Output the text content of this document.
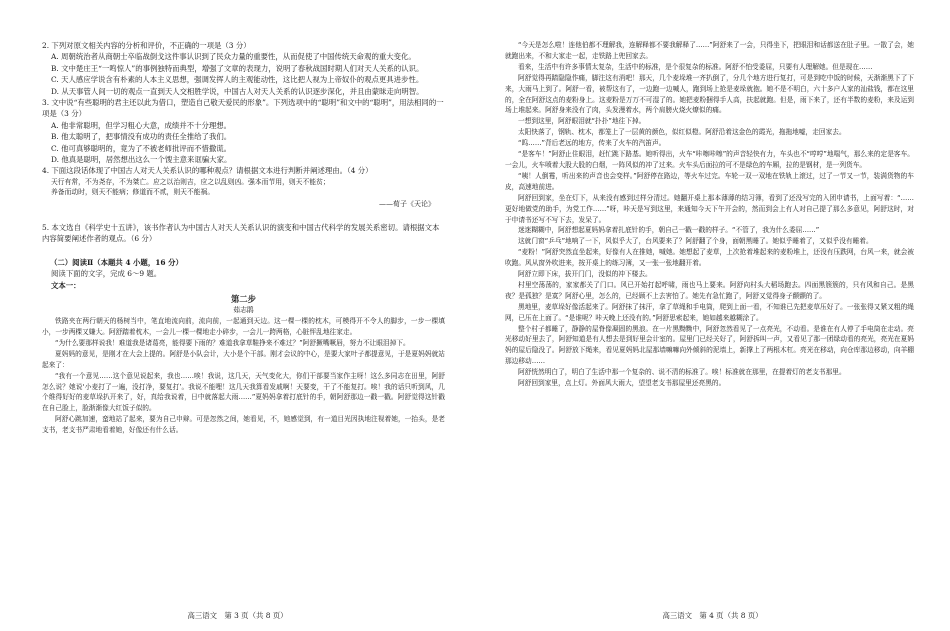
2. 下列对原文相关内容的分析和评价，不正确的一项是（3 分）

A. 周朝统治者从商朝士卒临战倒戈这件事认识到了民众力量的重要性，从而促使了中国传统天命观的重大变化。

B. 文中楚庄王“一鸣惊人”的事例独特而典型，增强了文章的表现力，说明了春秋战国时期人们对天人关系的认识。

C. 天人感应学说含有朴素的人本主义思想，强调发挥人的主观能动性，这比把人视为上帝奴仆的观点更具进步性。

D. 从天事管人间一切的观点一直到天人交相胜学说，中国古人对天人关系的认识逐步深化，并且由蒙昧走向明智。

3. 文中说“有些聪明的君主还以此为借口，塑造自己敬天爱民的形象”。下列选项中的“聪明”和文中的“聪明”，用法相同的一项是（3 分）

A. 他非常聪明，但学习粗心大意，成绩并不十分理想。

B. 他太聪明了，把事情没有成功的责任全推给了我们。

C. 他可真够聪明的，竟为了不被老师批评而不惜撒谎。

D. 他真是聪明，居然想出这么一个馊主意来诓骗大家。

4. 下面这段话体现了中国古人对天人关系认识的哪种观点？请根据文本进行判断并阐述理由。（4 分）

天行有常，不为尧存，不为桀亡。应之以治则吉，应之以乱则凶。强本而节用，则天不能贫；

养备而动时，则天不能病；修道而不贰，则天不能祸。

——荀子《天论》

5. 本文选自《科学史十五讲》，该书作者认为中国古人对天人关系认识的演变和中国古代科学的发展关系密切。请根据文本内容简要阐述作者的观点。（6 分）

（二）阅读Ⅱ（本题共 4 小题，16 分）

阅读下面的文字，完成 6～9 题。

文本一：

第二步

茹志鹃

铁路夹在两行朝天的杨树当中，笔直地流向前，流向前，一起通到天边。这一棵一棵的枕木，可模得开不令人的脚步，一步一棵填小，一步两棵又嫌大。阿舒踏着枕木，一会儿一棵一棵地走小碎步，一会儿一跨两格，心脏怦乱地往家走。

“为什么要那样说我！难道我是诸葛亮，能得要下雨的？难道我拿草鞋挣来不难过？”阿舒撅嘴噘唇，努力不让眼泪掉下。

夏妈妈的意见，是刚才在大会上提的。阿舒是小队会计，大小是个干部。刚才会议的中心，是要大家叶子都提意见，于是夏妈妈就站起来了：

“我有一个意见……这个意见说起来，我也……唉！我说，这几天，天气变化大，你们干部要当家作主呀！这么多同志在田里，阿舒怎么说？她说‘小麦打了一遍，没打净，要复打’。我说不能哩！这几天我算看发戚啊！天要变，干了不能复打。唉！我的话只听到风，几个维得好好的麦草垛扒开来了，好，真给我说着，日中就落起大雨……”夏妈妈拿着打底针的手，朝阿舒那边一戳一戳。阿舒觉得这针戳在自己脸上，脸渐渐像大红饭子似的。

阿舒心跳加速，蛮地站了起来，要为自己申辩。可是忽然之间，她看见，不，她感觉到，有一道目光因执地注视着她，一抬头，是老支书，老支书严肃地看着她，好像还有什么话。

高三语文　第 3 页（共 8 页）

“今天是怎么啦！连他伯都不理解我，连解释都不要我解释了……”阿舒来了一会，只得坐下，把眼泪和话都送在肚子里。一散了会，她就跑出来，不和大家走一起，走铁路上兜回家去。

看来，生活中有许多事情太复杂，生活中的标准，是个很复杂的标准。阿舒不怕受委屈，只要有人理解她。但是现在……

阿舒觉得再踏隐隐作痛，脚注这有消吧！那天，几个麦垛堆一齐扒倒了，分几个地方进行复打，可是到吃中饭的时候，天渐渐黑下了下来，大雨马上到了。阿舒一看，被帮这有了，一边跑一边喊人，跑到场上抢是麦垛就抱。她不是不明白，六十多户人家的汕盐钱，都在这里的，全在阿舒这点的麦粉身上。这麦粉是万万不可湿了的。她把麦粉捆得手人高，扶起就跑。但是，雨下来了，还有半数的麦粉，来及运到场上堆起来。阿舒身来没有了肉，头发漫着水，两个肩膀火烧火燎似的痛。

一想到这里，阿舒眼泪就“扑扑”地往下掉。

太阳快落了，钢轨、枕木，都笼上了一层黄的颜色，似红似橙。阿舒沿着这金色的霞光，拖拖地嘘，走回家去。

“呜……”背后老远的地方，传来了火车的汽笛声。

“是客车！”阿舒止住眼泪，赶忙跳下路基。她听得出，火车“咔嚓咔嚓”的声音轻快有力，车头也不“哼哼”地喘气，那么来的定是客车。一会儿，火车喷着大股大股的白烟，一阵风似的冲了过来。火车头后面拉的可不是绿色的车厢，拉的是钢材，是一列货车。

“咦！人倒霉，听出来的声音也会变样。”阿舒停在路边，等火车过完。车轮一双一双地在铁轨上滚过，过了一节又一节，装满货物的车皮，高速地前进。

阿舒回到家，坐在灯下，从来没有感到过样分清过。她翻开桌上那本薄薄的结习簿，看到了还没写完的入团申请书，上面写着：“……更好地做党的助手，为党工作……”呀，咔天是写到这里，来通知今天下午开会的，然而到会上有人对自己提了那么多意见，阿舒这时，对于申请书还写不写下去，发呆了。

迷迷糊糊中，阿舒想起夏妈妈拿着扎底针的手，朝自己一戳一戳的样子。“不管了，我为什么委屈……”

这就门窗“乒乓”地响了一下，风似乎大了，台风要来了？阿舒翻了个身，面朝黑睡了。她似乎睡着了，又似乎没有睡着。

“麦粉！”阿舒突然直坐起来，好像有人在推她，喊她。她想起了麦草，上次抢着堆起来的麦粉堆上，还没有压跌网，台风一来，就会被吹跑。风从窗外吹进来，按开桌上的练习簿，又一张一张地翻开着。

阿舒立即下床，拔开门门，没似的冲下楼去。

村里空荡荡的，家家都关了门口。风已开始打起呼啸，雨也马上要来。阿舒向村头大稻场跑去。四面黑簇簇的，只有风和自己。是黑夜？是孤独？是寞？阿舒心里，怎么的，已经顾不上去害怕了。她先有急忙跑了，阿舒又觉得身子颤颤的了。

黑地里，麦草垛好像活起来了。阿舒抹了抹汗，拿了草绳和手电筒，爬到上面一看，不知谁已先把麦草压好了。一张张得又紧又粗的绳网，已压在上面了。“是谁呢？咔天晚上还没有的。”阿舒思索起来，她如越来越糊涂了。

整个村子都睡了，静静的屋脊像凝固的黑浪。在一片黑黝黝中，阿舒忽然看见了一点亮光，不动看。是谁在有人停了手电筒在走动。亮光移动好里去了，阿舒知道是有人想去是到好里会计室的。屋里门已经关好了，阿舒拆叫一声，又看见了那一团绿动看的亮光，亮光在夏妈妈的屋后隐没了。阿舒放下绳来，看见夏妈妈北屋那墙嘛嘛向外倾斜的泥墙上，新撑上了两根木杠。亮光在移动，向仓库那边移动，向羊棚那边移动……

阿舒恍然明白了，明白了生活中那一个复杂的、说不清的标准了。唉！标准就在那里，在提着灯的老支书那里。

阿舒回到家里，点上灯。外面风大雨大，望望老支书那屋里还亮黑的。

高三语文　第 4 页（共 8 页）
